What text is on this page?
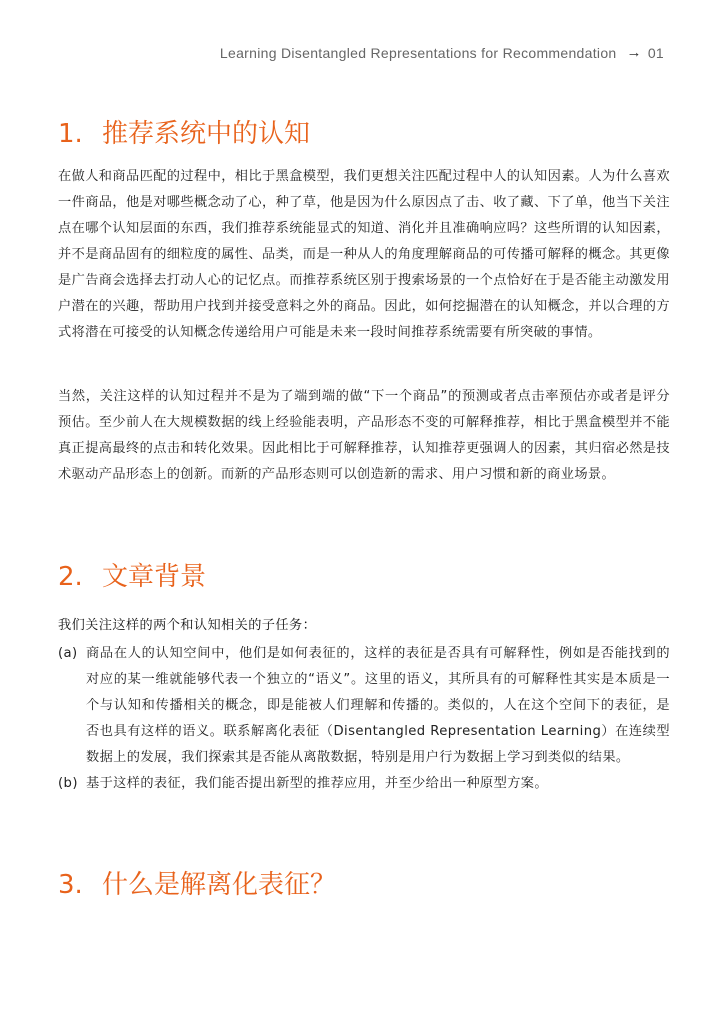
Learning Disentangled Representations for Recommendation → 01
1. 推荐系统中的认知

在做人和商品匹配的过程中，相比于黑盒模型，我们更想关注匹配过程中人的认知因素。人为什么喜欢一件商品，他是对哪些概念动了心，种了草，他是因为什么原因点了击、收了藏、下了单，他当下关注点在哪个认知层面的东西，我们推荐系统能显式的知道、消化并且准确响应吗？这些所谓的认知因素，并不是商品固有的细粒度的属性、品类，而是一种从人的角度理解商品的可传播可解释的概念。其更像是广告商会选择去打动人心的记忆点。而推荐系统区别于搜索场景的一个点恰好在于是否能主动激发用户潜在的兴趣，帮助用户找到并接受意料之外的商品。因此，如何挖掘潜在的认知概念，并以合理的方式将潜在可接受的认知概念传递给用户可能是未来一段时间推荐系统需要有所突破的事情。

当然，关注这样的认知过程并不是为了端到端的做“下一个商品”的预测或者点击率预估亦或者是评分预估。至少前人在大规模数据的线上经验能表明，产品形态不变的可解释推荐，相比于黑盒模型并不能真正提高最终的点击和转化效果。因此相比于可解释推荐，认知推荐更强调人的因素，其归宿必然是技术驱动产品形态上的创新。而新的产品形态则可以创造新的需求、用户习惯和新的商业场景。

2. 文章背景
我们关注这样的两个和认知相关的子任务：
(a) 商品在人的认知空间中，他们是如何表征的，这样的表征是否具有可解释性，例如是否能找到的对应的某一维就能够代表一个独立的“语义”。这里的语义，其所具有的可解释性其实是本质是一个与认知和传播相关的概念，即是能被人们理解和传播的。类似的，人在这个空间下的表征，是否也具有这样的语义。联系解离化表征（Disentangled Representation Learning）在连续型数据上的发展，我们探索其是否能从离散数据，特别是用户行为数据上学习到类似的结果。
(b) 基于这样的表征，我们能否提出新型的推荐应用，并至少给出一种原型方案。
3. 什么是解离化表征？
